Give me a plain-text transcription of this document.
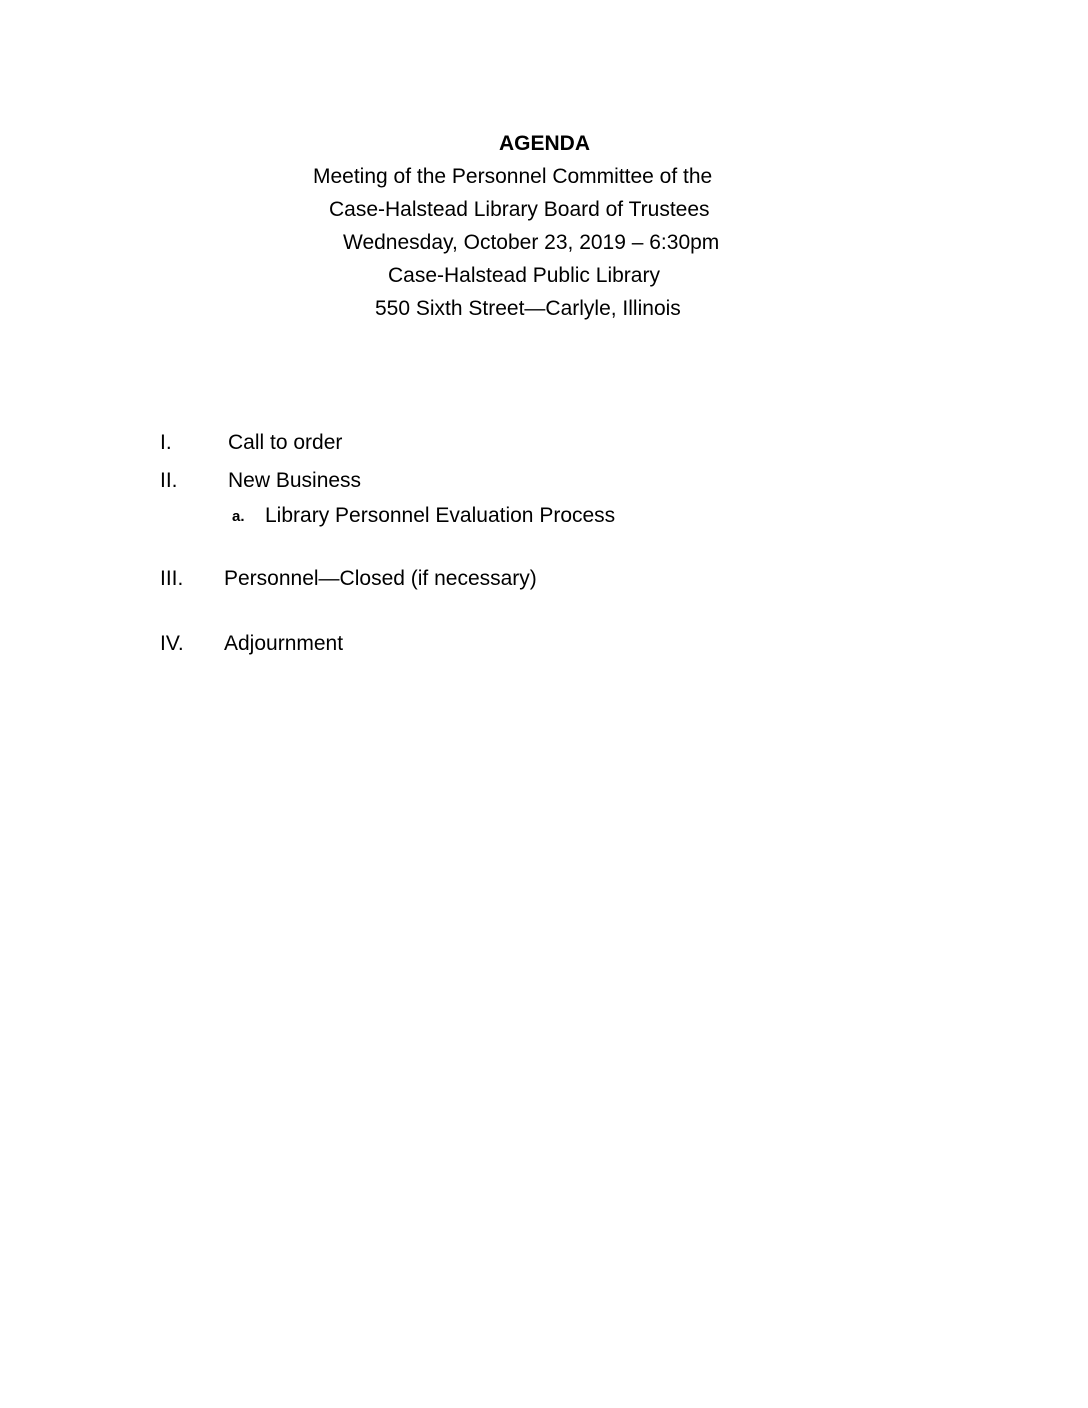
AGENDA
Meeting of the Personnel Committee of the
Case-Halstead Library Board of Trustees
Wednesday, October 23, 2019 – 6:30pm
Case-Halstead Public Library
550 Sixth Street—Carlyle, Illinois
I.	Call to order
II. New Business
a. Library Personnel Evaluation Process
III. Personnel—Closed (if necessary)
IV. Adjournment
